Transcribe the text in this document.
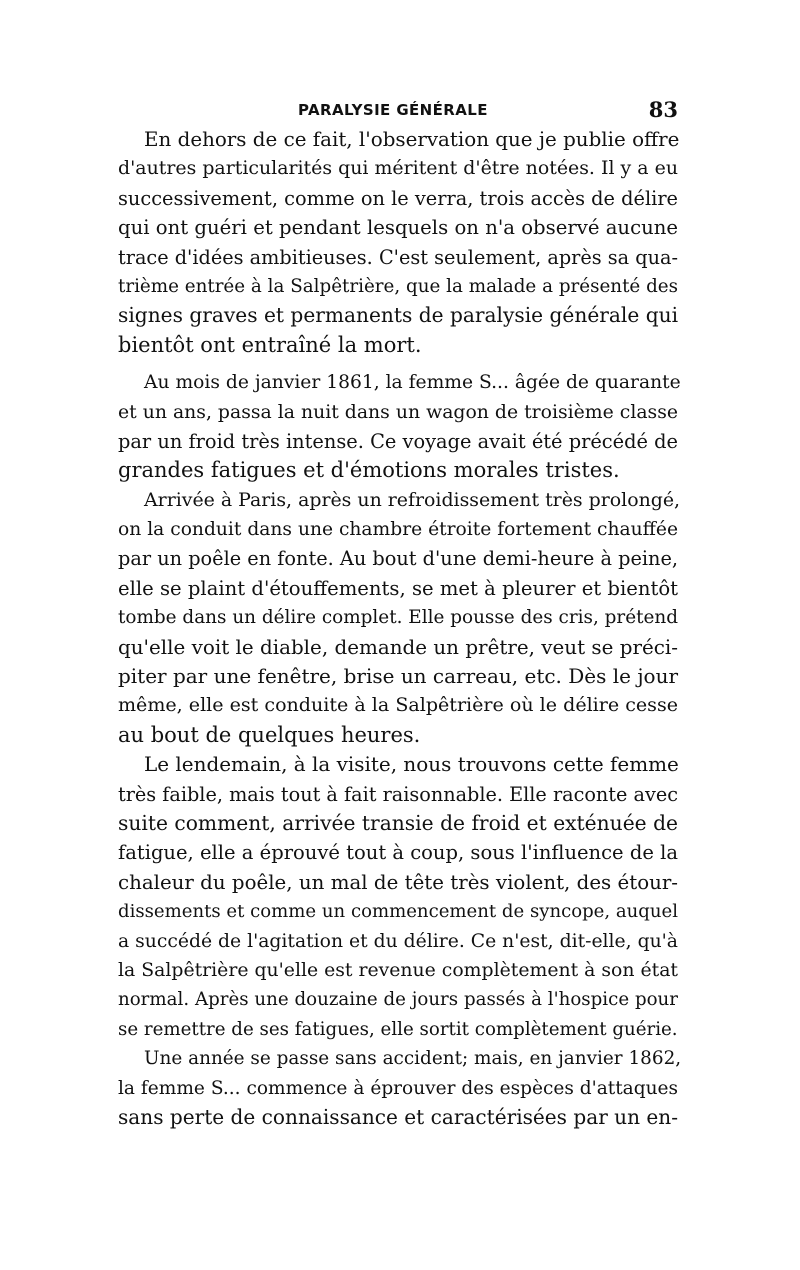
PARALYSIE GÉNÉRALE	83
En dehors de ce fait, l'observation que je publie offre
d'autres particularités qui méritent d'être notées. Il y a eu
successivement, comme on le verra, trois accès de délire
qui ont guéri et pendant lesquels on n'a observé aucune
trace d'idées ambitieuses. C'est seulement, après sa qua-
trième entrée à la Salpêtrière, que la malade a présenté des
signes graves et permanents de paralysie générale qui
bientôt ont entraîné la mort.
Au mois de janvier 1861, la femme S... âgée de quarante
et un ans, passa la nuit dans un wagon de troisième classe
par un froid très intense. Ce voyage avait été précédé de
grandes fatigues et d'émotions morales tristes.
Arrivée à Paris, après un refroidissement très prolongé,
on la conduit dans une chambre étroite fortement chauffée
par un poêle en fonte. Au bout d'une demi-heure à peine,
elle se plaint d'étouffements, se met à pleurer et bientôt
tombe dans un délire complet. Elle pousse des cris, prétend
qu'elle voit le diable, demande un prêtre, veut se préci-
piter par une fenêtre, brise un carreau, etc. Dès le jour
même, elle est conduite à la Salpêtrière où le délire cesse
au bout de quelques heures.
Le lendemain, à la visite, nous trouvons cette femme
très faible, mais tout à fait raisonnable. Elle raconte avec
suite comment, arrivée transie de froid et exténuée de
fatigue, elle a éprouvé tout à coup, sous l'influence de la
chaleur du poêle, un mal de tête très violent, des étour-
dissements et comme un commencement de syncope, auquel
a succédé de l'agitation et du délire. Ce n'est, dit-elle, qu'à
la Salpêtrière qu'elle est revenue complètement à son état
normal. Après une douzaine de jours passés à l'hospice pour
se remettre de ses fatigues, elle sortit complètement guérie.
Une année se passe sans accident; mais, en janvier 1862,
la femme S... commence à éprouver des espèces d'attaques
sans perte de connaissance et caractérisées par un en-
